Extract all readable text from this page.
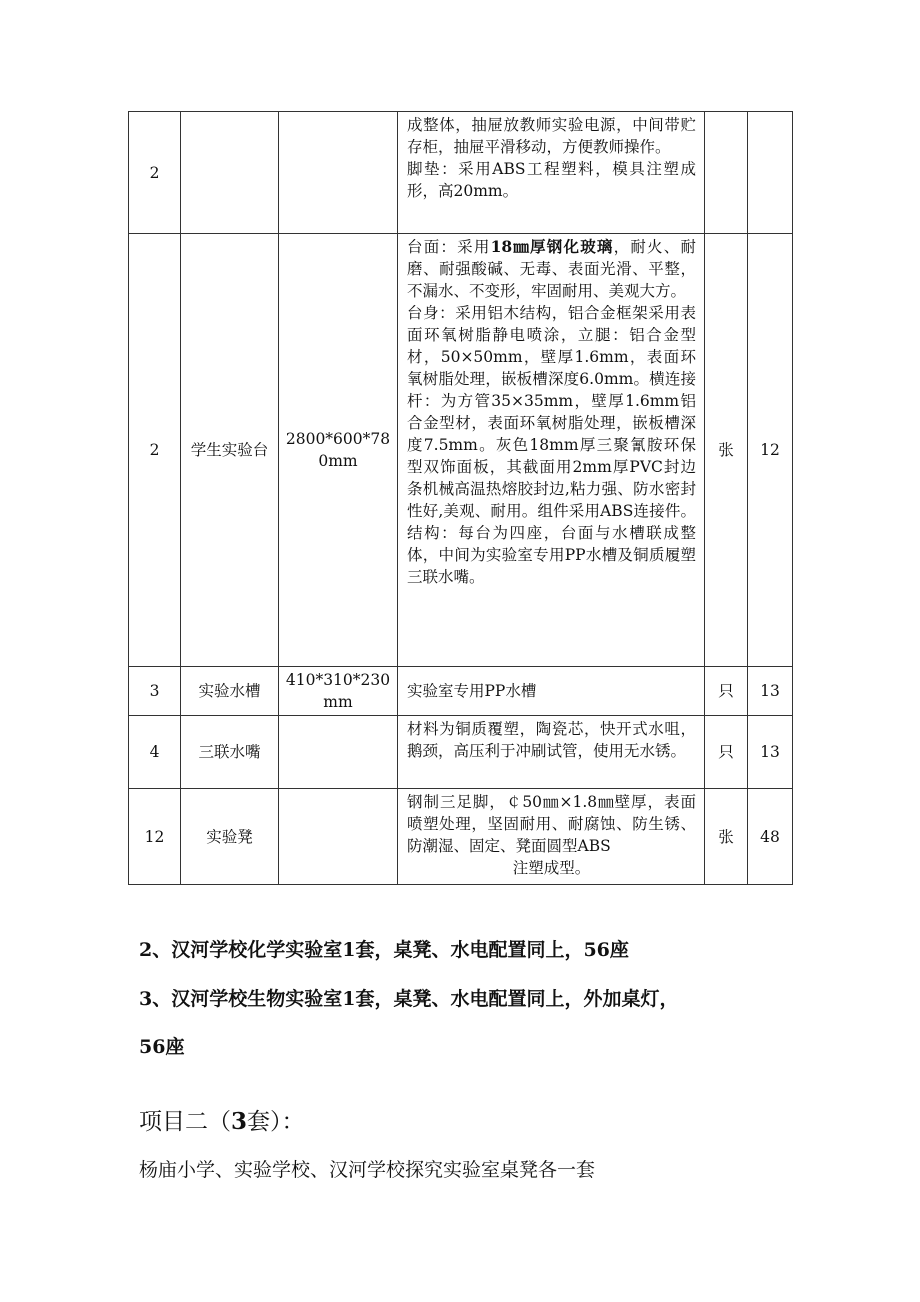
2			成整体，抽屉放教师实验电源，中间带贮存柜，抽屉平滑移动，方便教师操作。

脚垫：采用ABS工程塑料，模具注塑成形，高20mm。		

2	学生实验台	2800*600*780mm	台面：采用18㎜厚钢化玻璃，耐火、耐磨、耐强酸碱、无毒、表面光滑、平整，不漏水、不变形，牢固耐用、美观大方。

台身：采用铝木结构，铝合金框架采用表面环氧树脂静电喷涂，立腿：铝合金型材，50×50mm，壁厚1.6mm，表面环氧树脂处理，嵌板槽深度6.0mm。横连接杆：为方管35×35mm，壁厚1.6mm铝合金型材，表面环氧树脂处理，嵌板槽深度7.5mm。灰色18mm厚三聚氰胺环保型双饰面板，其截面用2mm厚PVC封边条机械高温热熔胶封边,粘力强、防水密封性好,美观、耐用。组件采用ABS连接件。结构：每台为四座，台面与水槽联成整体，中间为实验室专用PP水槽及铜质履塑三联水嘴。	张	12
3	实验水槽	410*310*230mm	实验室专用PP水槽	只	13
4	三联水嘴		材料为铜质覆塑，陶瓷芯，快开式水咀，鹅颈，高压利于冲刷试管，使用无水锈。	只	13
12	实验凳		钢制三足脚，￠50㎜×1.8㎜壁厚，表面喷塑处理，坚固耐用、耐腐蚀、防生锈、防潮湿、固定、凳面圆型ABS

注塑成型。	张	48

2、汉河学校化学实验室1套，桌凳、水电配置同上，56座

3、汉河学校生物实验室1套，桌凳、水电配置同上，外加桌灯，

56座

项目二（3套）：

杨庙小学、实验学校、汉河学校探究实验室桌凳各一套
